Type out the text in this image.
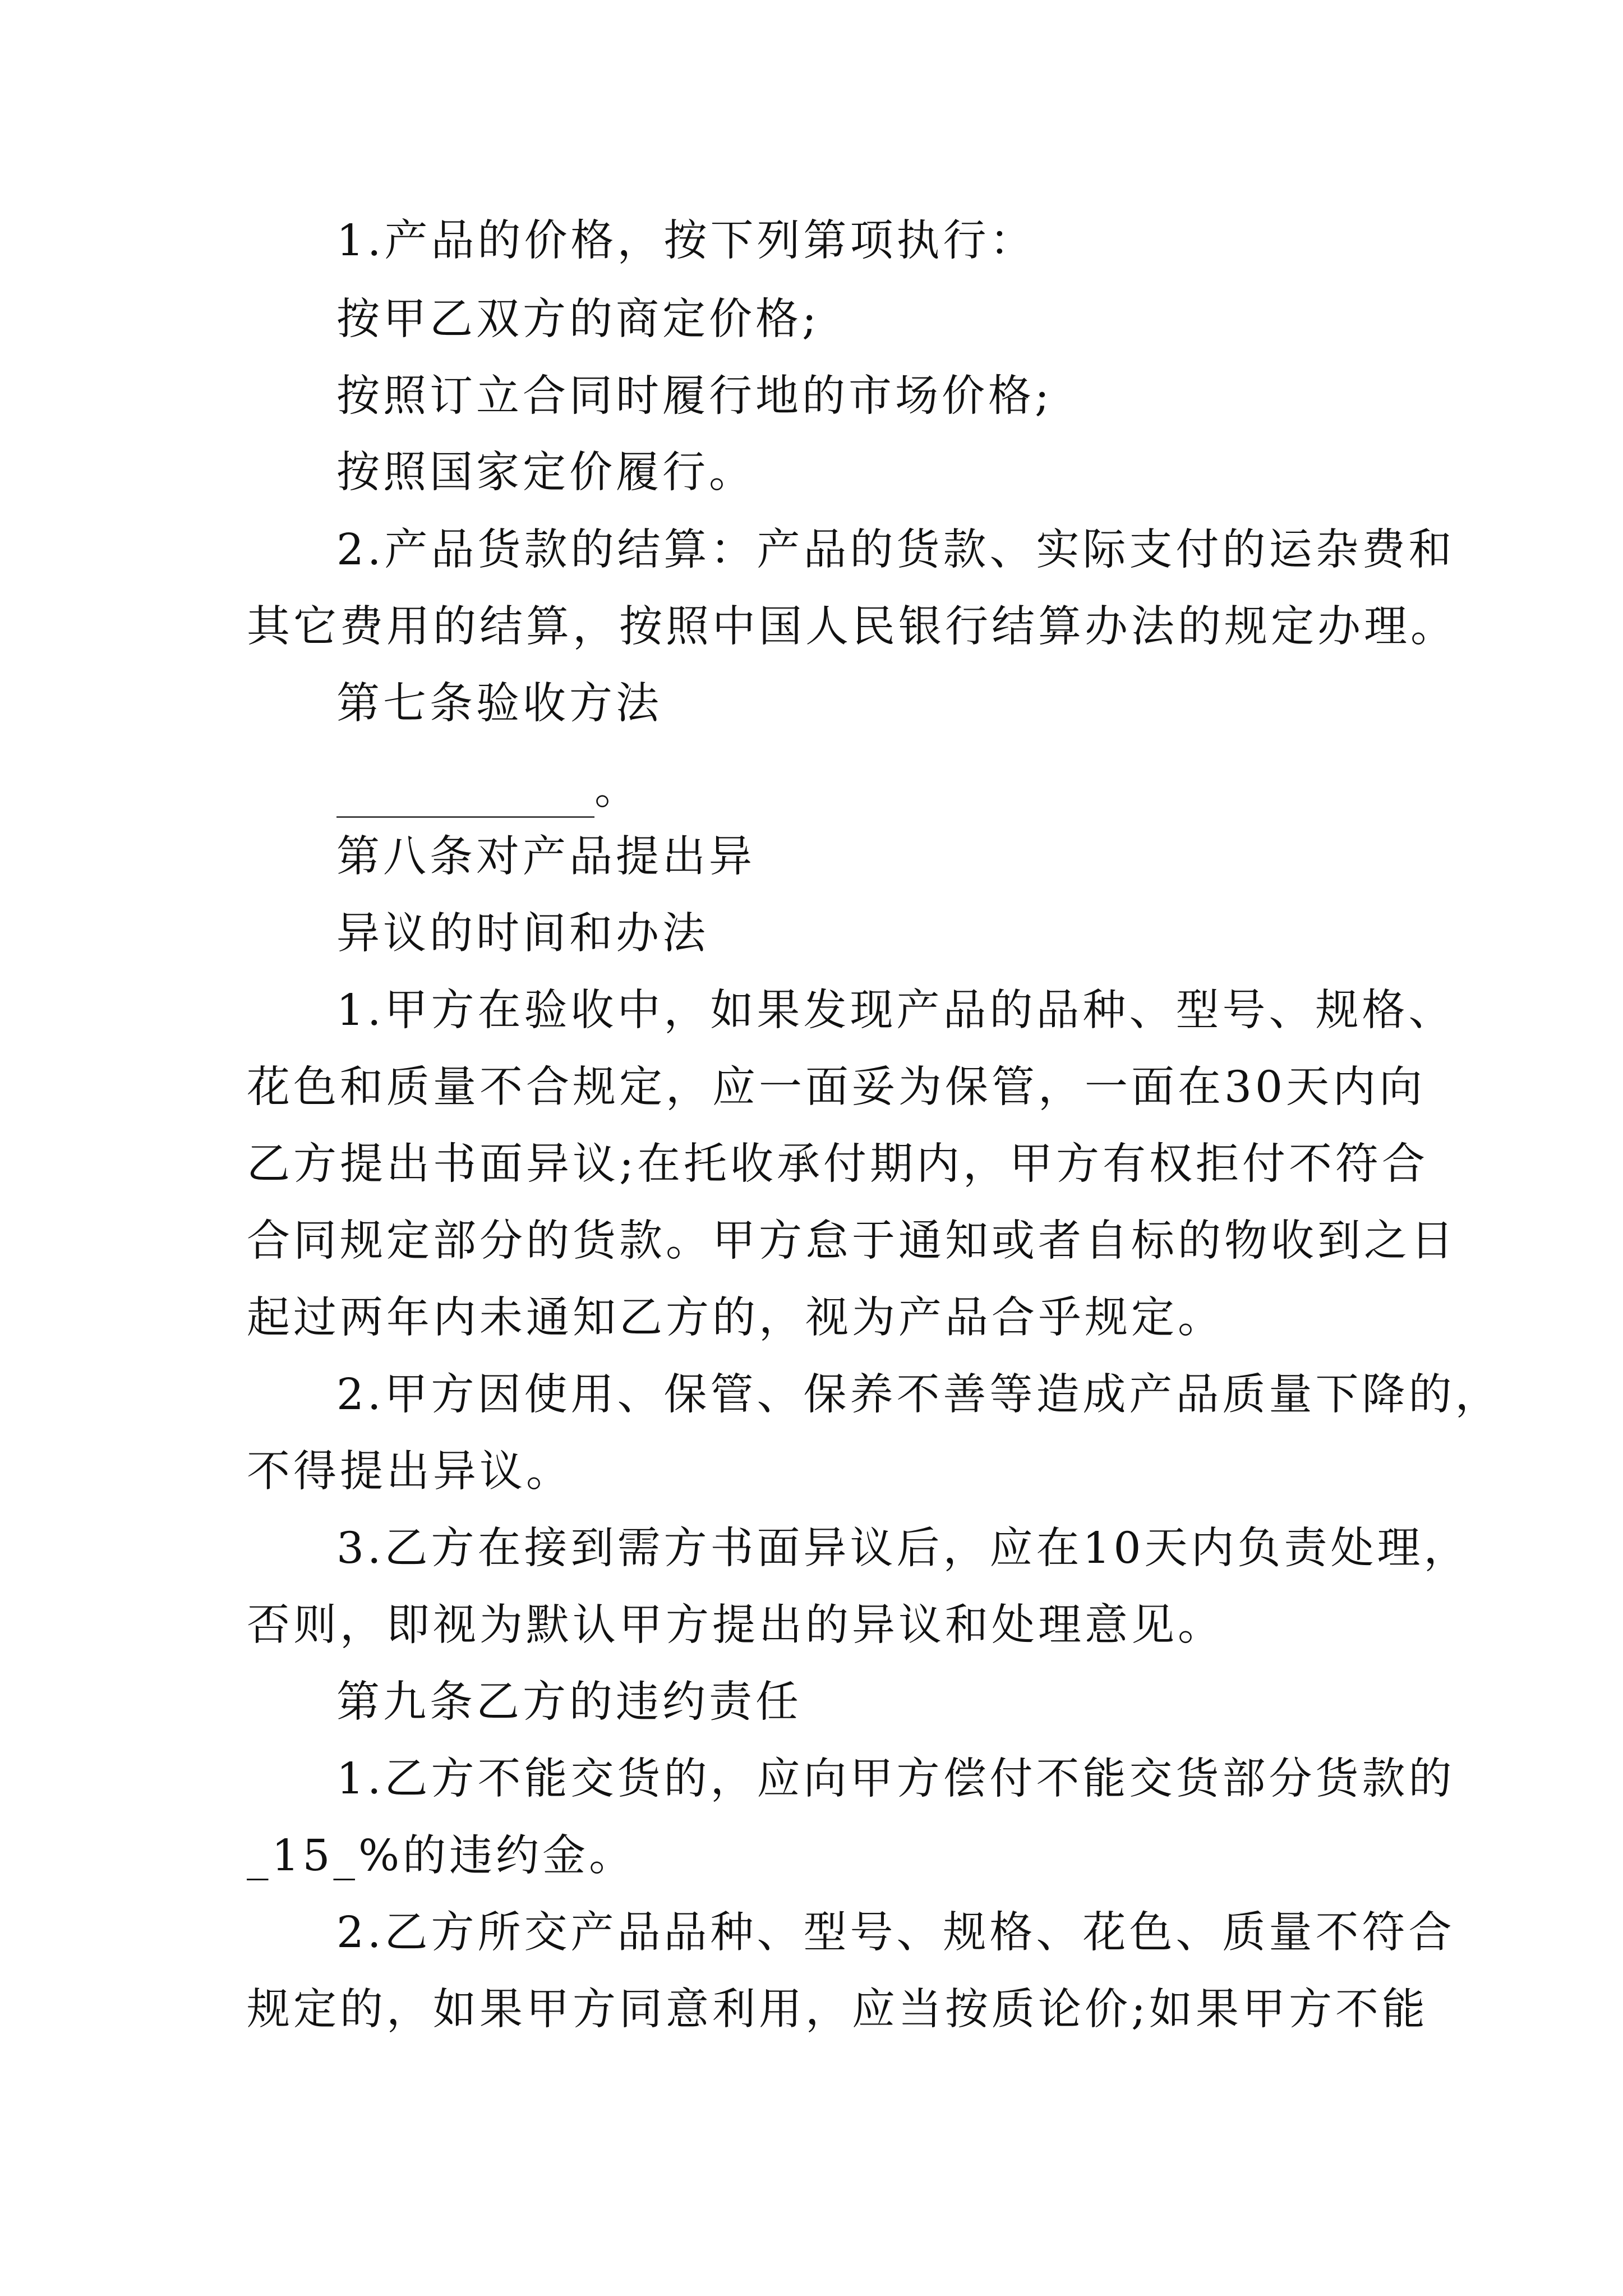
1.产品的价格，按下列第项执行：
按甲乙双方的商定价格;
按照订立合同时履行地的市场价格;
按照国家定价履行。
2.产品货款的结算：产品的货款、实际支付的运杂费和
其它费用的结算，按照中国人民银行结算办法的规定办理。
第七条验收方法
。
第八条对产品提出异
异议的时间和办法
1.甲方在验收中，如果发现产品的品种、型号、规格、
花色和质量不合规定，应一面妥为保管，一面在30天内向
乙方提出书面异议;在托收承付期内，甲方有权拒付不符合
合同规定部分的货款。甲方怠于通知或者自标的物收到之日
起过两年内未通知乙方的，视为产品合乎规定。
2.甲方因使用、保管、保养不善等造成产品质量下降的，
不得提出异议。
3.乙方在接到需方书面异议后，应在10天内负责处理，
否则，即视为默认甲方提出的异议和处理意见。
第九条乙方的违约责任
1.乙方不能交货的，应向甲方偿付不能交货部分货款的
_15_%的违约金。
2.乙方所交产品品种、型号、规格、花色、质量不符合
规定的，如果甲方同意利用，应当按质论价;如果甲方不能
